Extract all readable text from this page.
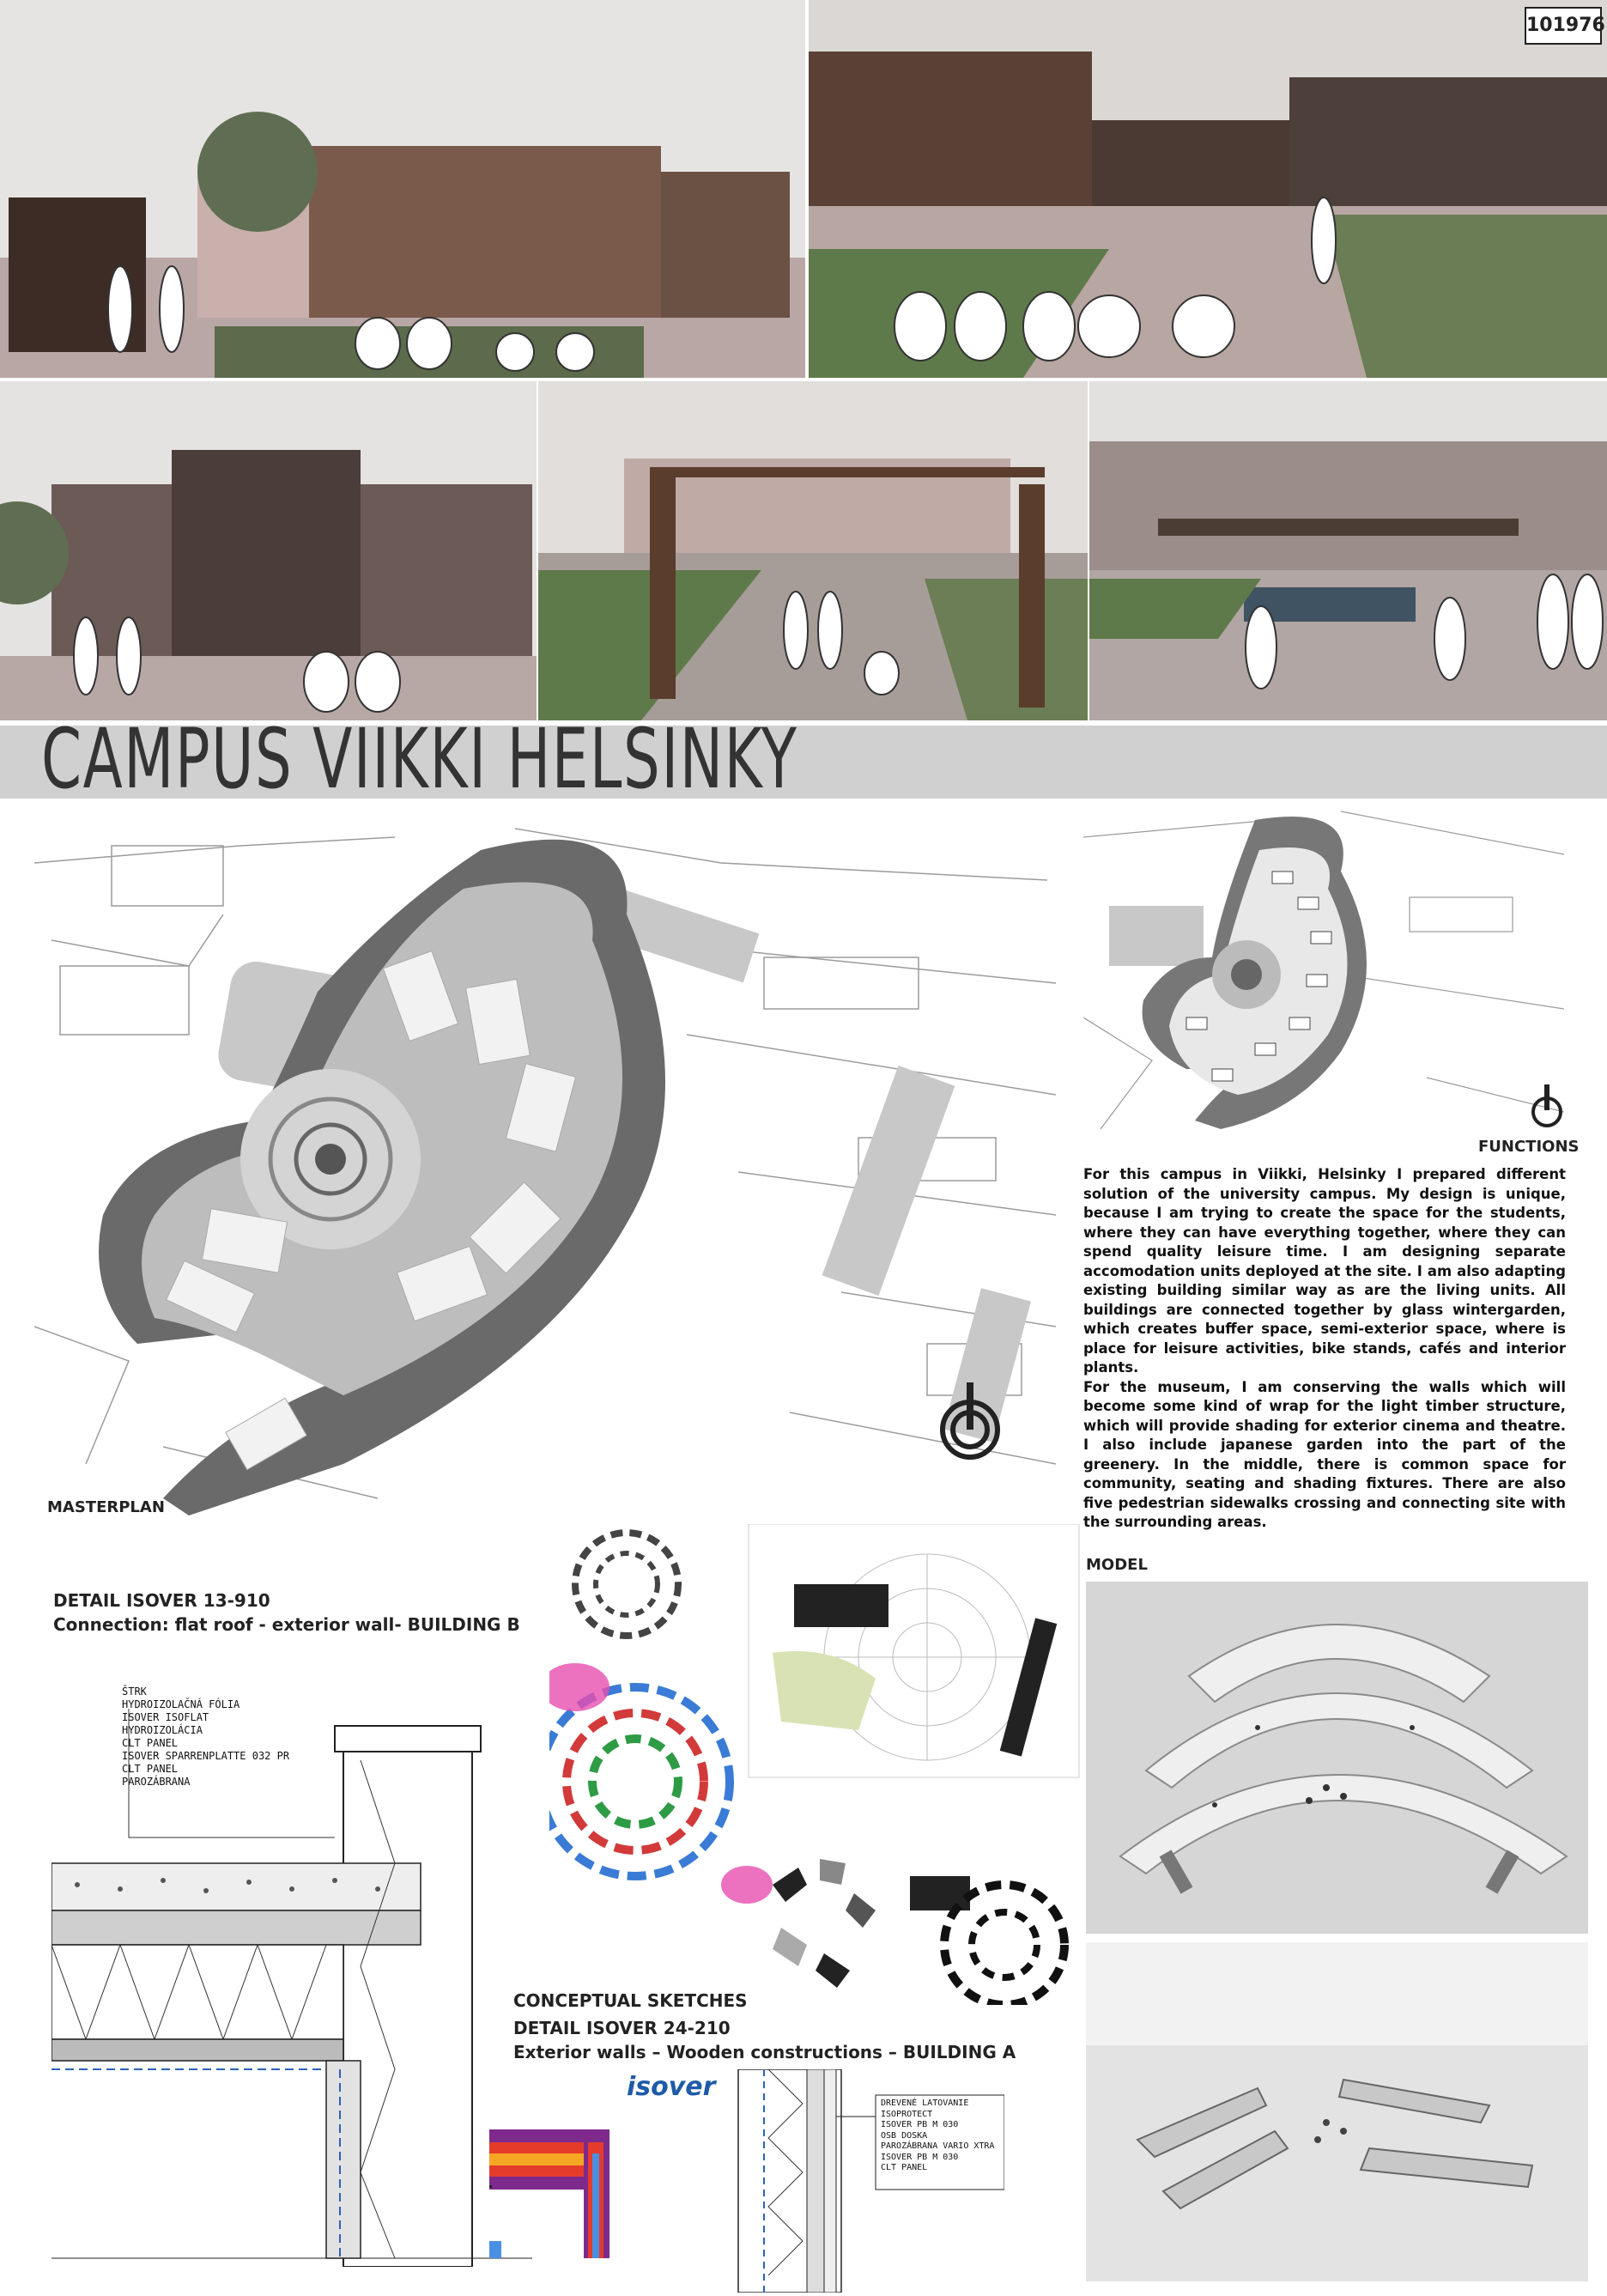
101976
CAMPUS VIIKKI HELSINKY
MASTERPLAN
FUNCTIONS

For this campus in Viikki, Helsinky I prepared different solution of the university campus. My design is unique, because I am trying to create the space for the students, where they can have everything together, where they can spend quality leisure time. I am designing separate accomodation units deployed at the site. I am also adapting existing building similar way as are the living units. All buildings are connected together by glass wintergarden, which creates buffer space, semi-exterior space, where is place for leisure activities, bike stands, cafés and interior plants.

For the museum, I am conserving the walls which will become some kind of wrap for the light timber structure, which will provide shading for exterior cinema and theatre. I also include japanese garden into the part of the greenery. In the middle, there is common space for community, seating and shading fixtures. There are also five pedestrian sidewalks crossing and connecting site with the surrounding areas.

DETAIL ISOVER 13-910
Connection: flat roof - exterior wall- BUILDING B
ŠTRK
HYDROIZOLAČNÁ FÓLIA
ISOVER ISOFLAT
HYDROIZOLÁCIA
CLT PANEL
ISOVER SPARRENPLATTE 032 PR
CLT PANEL
PAROZÁBRANA
CONCEPTUAL SKETCHES
DETAIL ISOVER 24-210
Exterior walls – Wooden constructions – BUILDING A
isover
DREVENÉ LATOVANIE
ISOPROTECT
ISOVER PB M 030
OSB DOSKA
PAROZÁBRANA VARIO XTRA
ISOVER PB M 030
CLT PANEL
MODEL
